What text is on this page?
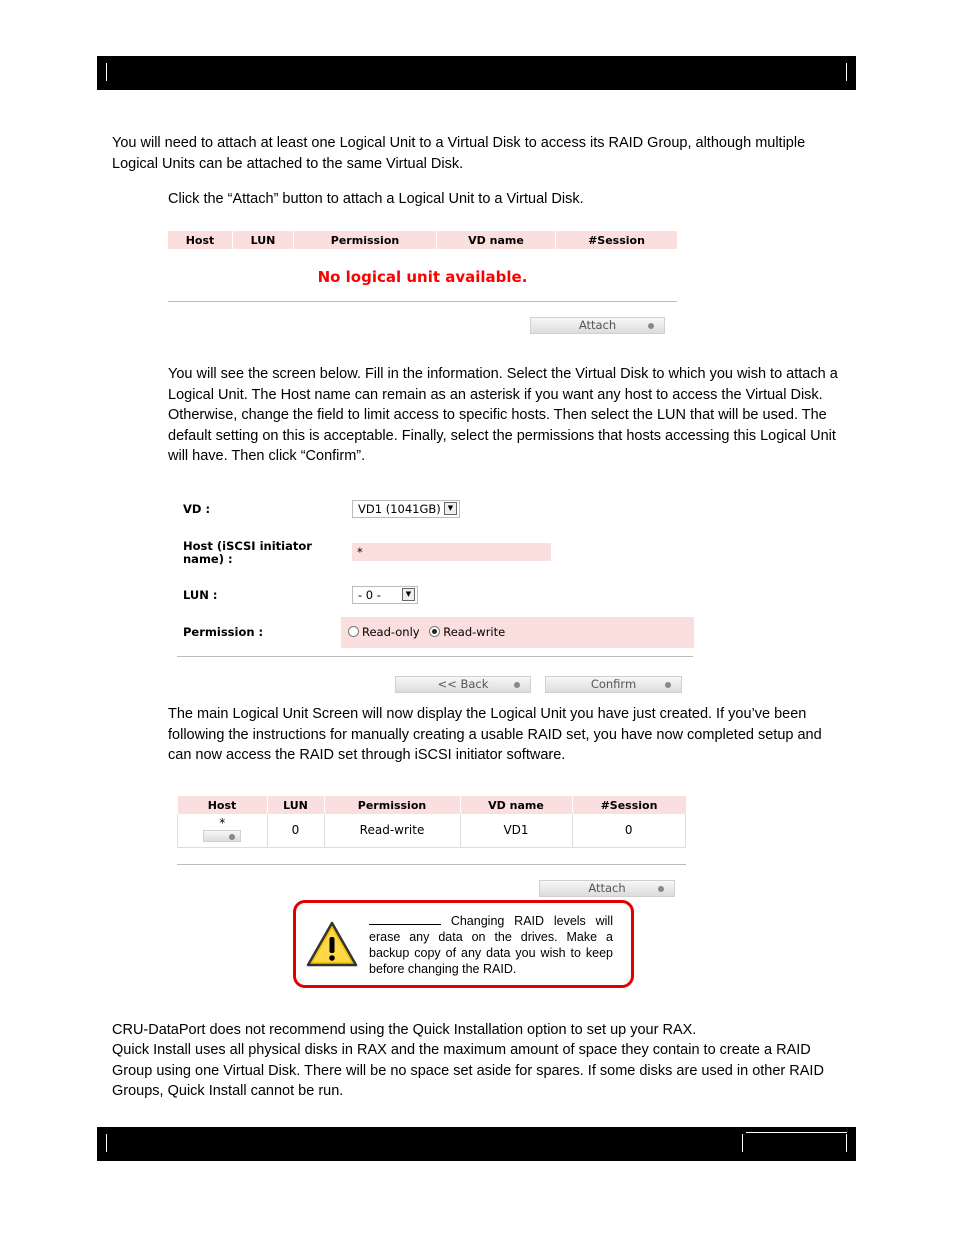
You will need to attach at least one Logical Unit to a Virtual Disk to access its RAID Group, although multiple Logical Units can be attached to the same Virtual Disk.

Click the “Attach” button to attach a Logical Unit to a Virtual Disk.

Host	LUN	Permission	VD name	#Session
No logical unit available.
Attach

You will see the screen below. Fill in the information. Select the Virtual Disk to which you wish to attach a Logical Unit. The Host name can remain as an asterisk if you want any host to access the Virtual Disk. Otherwise, change the field to limit access to specific hosts. Then select the LUN that will be used. The default setting on this is acceptable. Finally, select the permissions that hosts accessing this Logical Unit will have. Then click “Confirm”.

VD :	VD1 (1041GB)	▼
Host (iSCSI initiator name) :	*
LUN :	- 0 -	▼
Permission :	Read-only Read-write
<< Back	Confirm

The main Logical Unit Screen will now display the Logical Unit you have just created. If you’ve been following the instructions for manually creating a usable RAID set, you have now completed setup and can now access the RAID set through iSCSI initiator software.

Host	LUN	Permission	VD name	#Session

*	0	Read-write	VD1	0
Attach
Changing RAID levels will erase any data on the drives. Make a backup copy of any data you wish to keep before changing the RAID.

CRU-DataPort does not recommend using the Quick Installation option to set up your RAX.

Quick Install uses all physical disks in RAX and the maximum amount of space they contain to create a RAID Group using one Virtual Disk. There will be no space set aside for spares. If some disks are used in other RAID Groups, Quick Install cannot be run.
